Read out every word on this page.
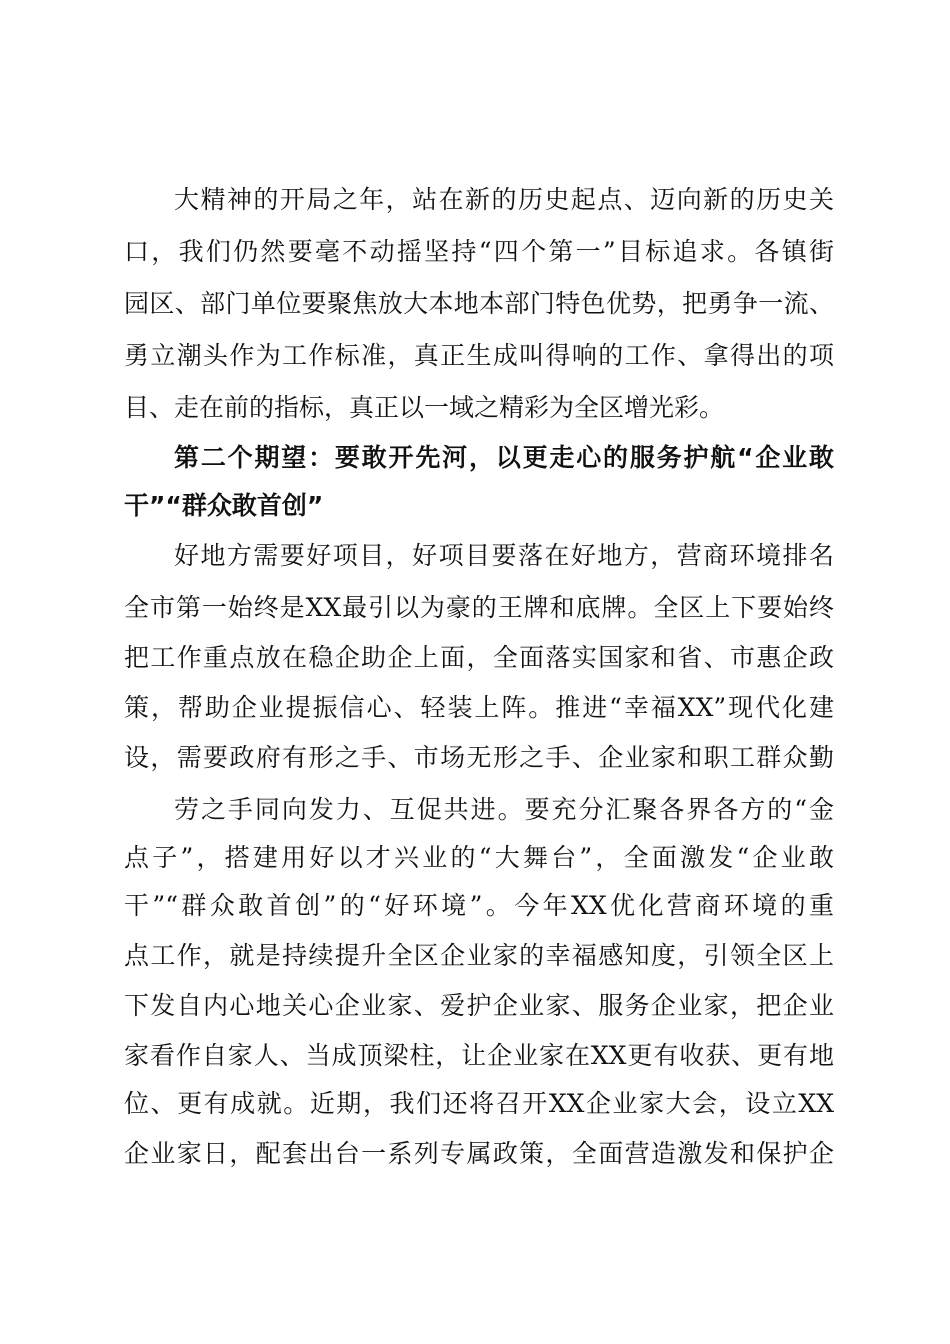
大精神的开局之年，站在新的历史起点、迈向新的历史关
口，我们仍然要毫不动摇坚持“四个第一”目标追求。各镇街
园区、部门单位要聚焦放大本地本部门特色优势，把勇争一流、
勇立潮头作为工作标准，真正生成叫得响的工作、拿得出的项
目、走在前的指标，真正以一域之精彩为全区增光彩。
第二个期望：要敢开先河，以更走心的服务护航“企业敢
干”“群众敢首创”
好地方需要好项目，好项目要落在好地方，营商环境排名
全市第一始终是XX最引以为豪的王牌和底牌。全区上下要始终
把工作重点放在稳企助企上面，全面落实国家和省、市惠企政
策，帮助企业提振信心、轻装上阵。推进“幸福XX”现代化建
设，需要政府有形之手、市场无形之手、企业家和职工群众勤
劳之手同向发力、互促共进。要充分汇聚各界各方的“金
点子”，搭建用好以才兴业的“大舞台”，全面激发“企业敢
干”“群众敢首创”的“好环境”。今年XX优化营商环境的重
点工作，就是持续提升全区企业家的幸福感知度，引领全区上
下发自内心地关心企业家、爱护企业家、服务企业家，把企业
家看作自家人、当成顶梁柱，让企业家在XX更有收获、更有地
位、更有成就。近期，我们还将召开XX企业家大会，设立XX
企业家日，配套出台一系列专属政策，全面营造激发和保护企
